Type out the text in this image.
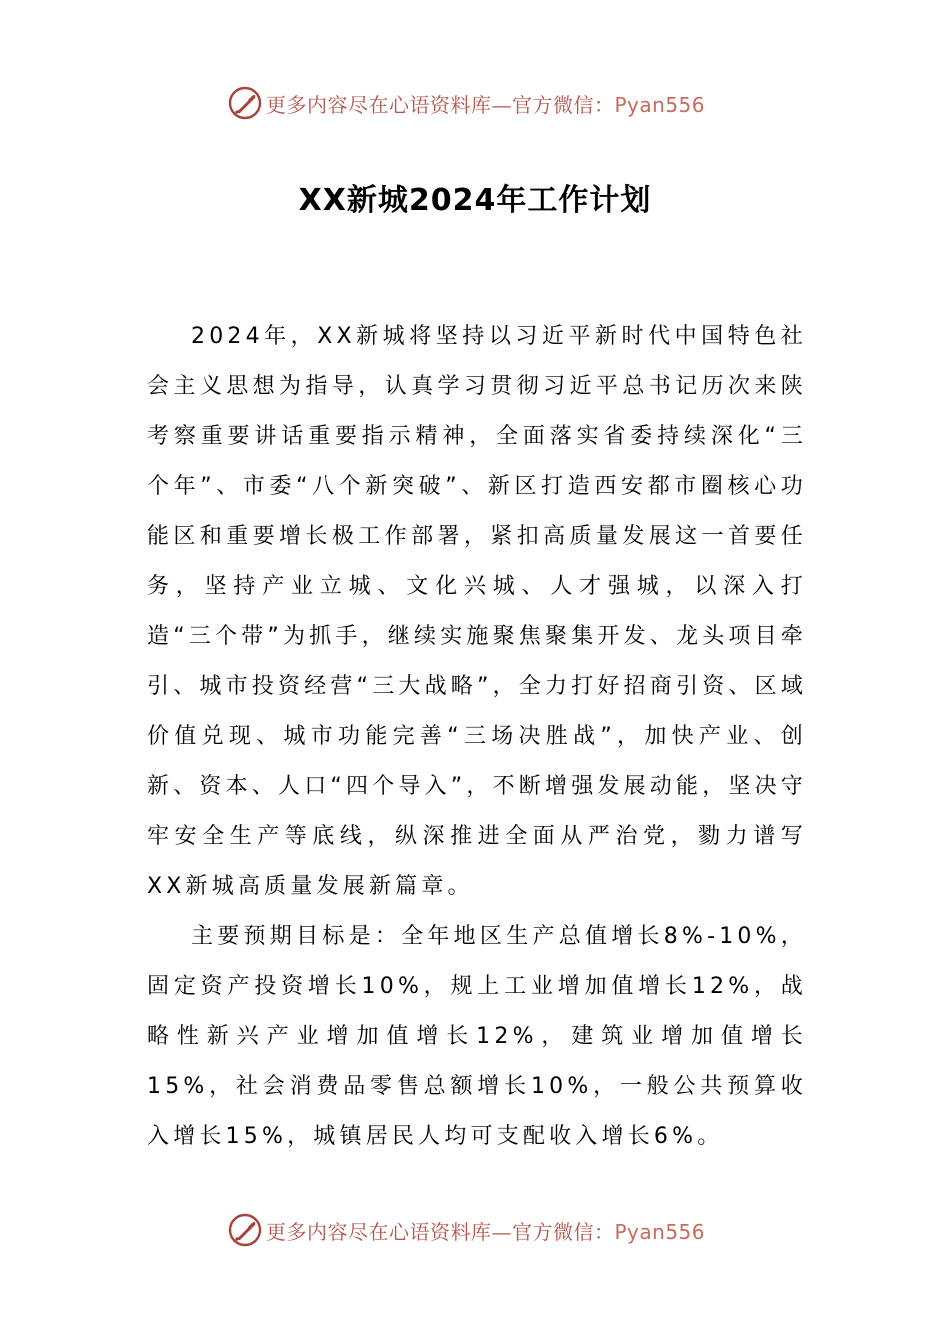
更多内容尽在心语资料库—官方微信：Pyan556
XX新城2024年工作计划

2024年，XX新城将坚持以习近平新时代中国特色社会主义思想为指导，认真学习贯彻习近平总书记历次来陕考察重要讲话重要指示精神，全面落实省委持续深化“三个年”、市委“八个新突破”、新区打造西安都市圈核心功能区和重要增长极工作部署，紧扣高质量发展这一首要任务，坚持产业立城、文化兴城、人才强城，以深入打造“三个带”为抓手，继续实施聚焦聚集开发、龙头项目牵引、城市投资经营“三大战略”，全力打好招商引资、区域价值兑现、城市功能完善“三场决胜战”，加快产业、创新、资本、人口“四个导入”，不断增强发展动能，坚决守牢安全生产等底线，纵深推进全面从严治党，勠力谱写XX新城高质量发展新篇章。

主要预期目标是：全年地区生产总值增长8%-10%，固定资产投资增长10%，规上工业增加值增长12%，战略性新兴产业增加值增长12%，建筑业增加值增长15%，社会消费品零售总额增长10%，一般公共预算收入增长15%，城镇居民人均可支配收入增长6%。

更多内容尽在心语资料库—官方微信：Pyan556
